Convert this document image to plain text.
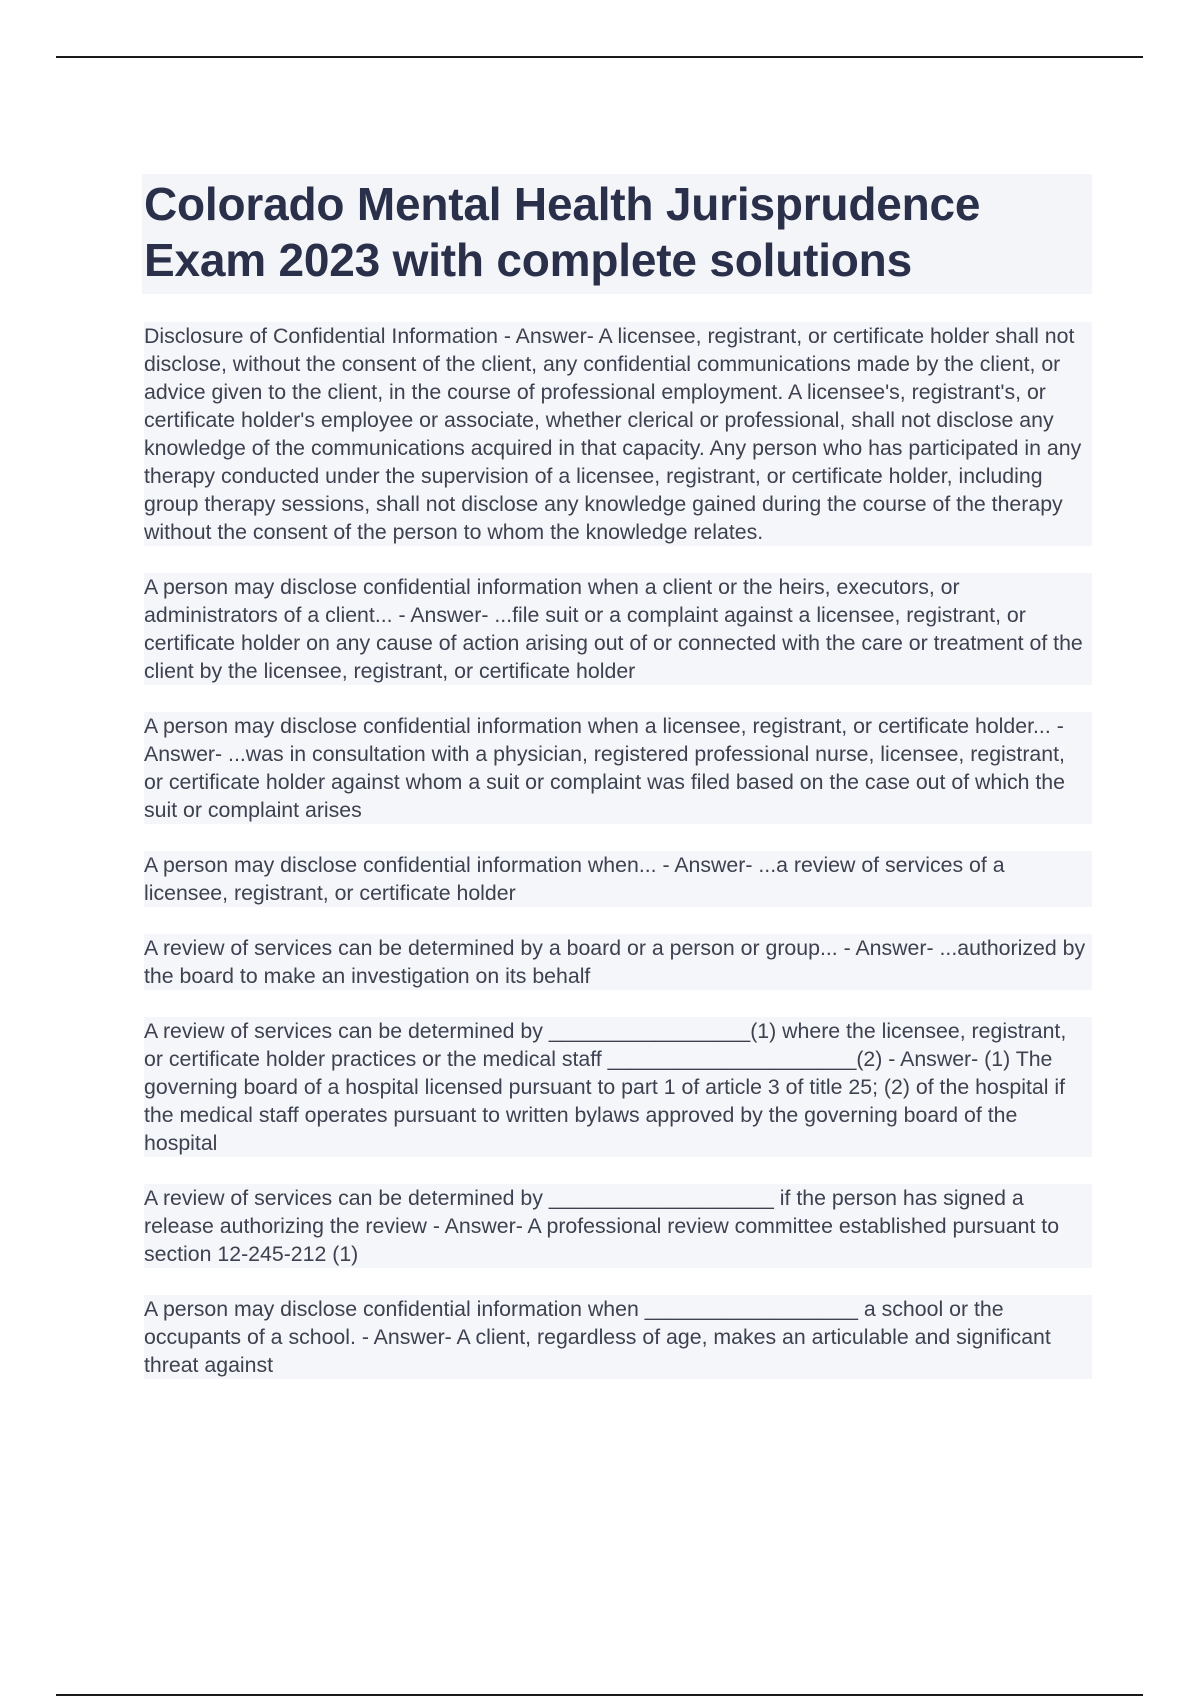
Colorado Mental Health Jurisprudence
Exam 2023 with complete solutions

Disclosure of Confidential Information - Answer- A licensee, registrant, or certificate holder shall not disclose, without the consent of the client, any confidential communications made by the client, or advice given to the client, in the course of professional employment. A licensee's, registrant's, or certificate holder's employee or associate, whether clerical or professional, shall not disclose any knowledge of the communications acquired in that capacity. Any person who has participated in any therapy conducted under the supervision of a licensee, registrant, or certificate holder, including group therapy sessions, shall not disclose any knowledge gained during the course of the therapy without the consent of the person to whom the knowledge relates.

A person may disclose confidential information when a client or the heirs, executors, or administrators of a client... - Answer- ...file suit or a complaint against a licensee, registrant, or certificate holder on any cause of action arising out of or connected with the care or treatment of the client by the licensee, registrant, or certificate holder

A person may disclose confidential information when a licensee, registrant, or certificate holder... - Answer- ...was in consultation with a physician, registered professional nurse, licensee, registrant, or certificate holder against whom a suit or complaint was filed based on the case out of which the suit or complaint arises

A person may disclose confidential information when... - Answer- ...a review of services of a licensee, registrant, or certificate holder

A review of services can be determined by a board or a person or group... - Answer- ...authorized by the board to make an investigation on its behalf

A review of services can be determined by _________________(1) where the licensee, registrant, or certificate holder practices or the medical staff _____________________(2) - Answer- (1) The governing board of a hospital licensed pursuant to part 1 of article 3 of title 25; (2) of the hospital if the medical staff operates pursuant to written bylaws approved by the governing board of the hospital

A review of services can be determined by ___________________ if the person has signed a release authorizing the review - Answer- A professional review committee established pursuant to section 12-245-212 (1)

A person may disclose confidential information when __________________ a school or the occupants of a school. - Answer- A client, regardless of age, makes an articulable and significant threat against
